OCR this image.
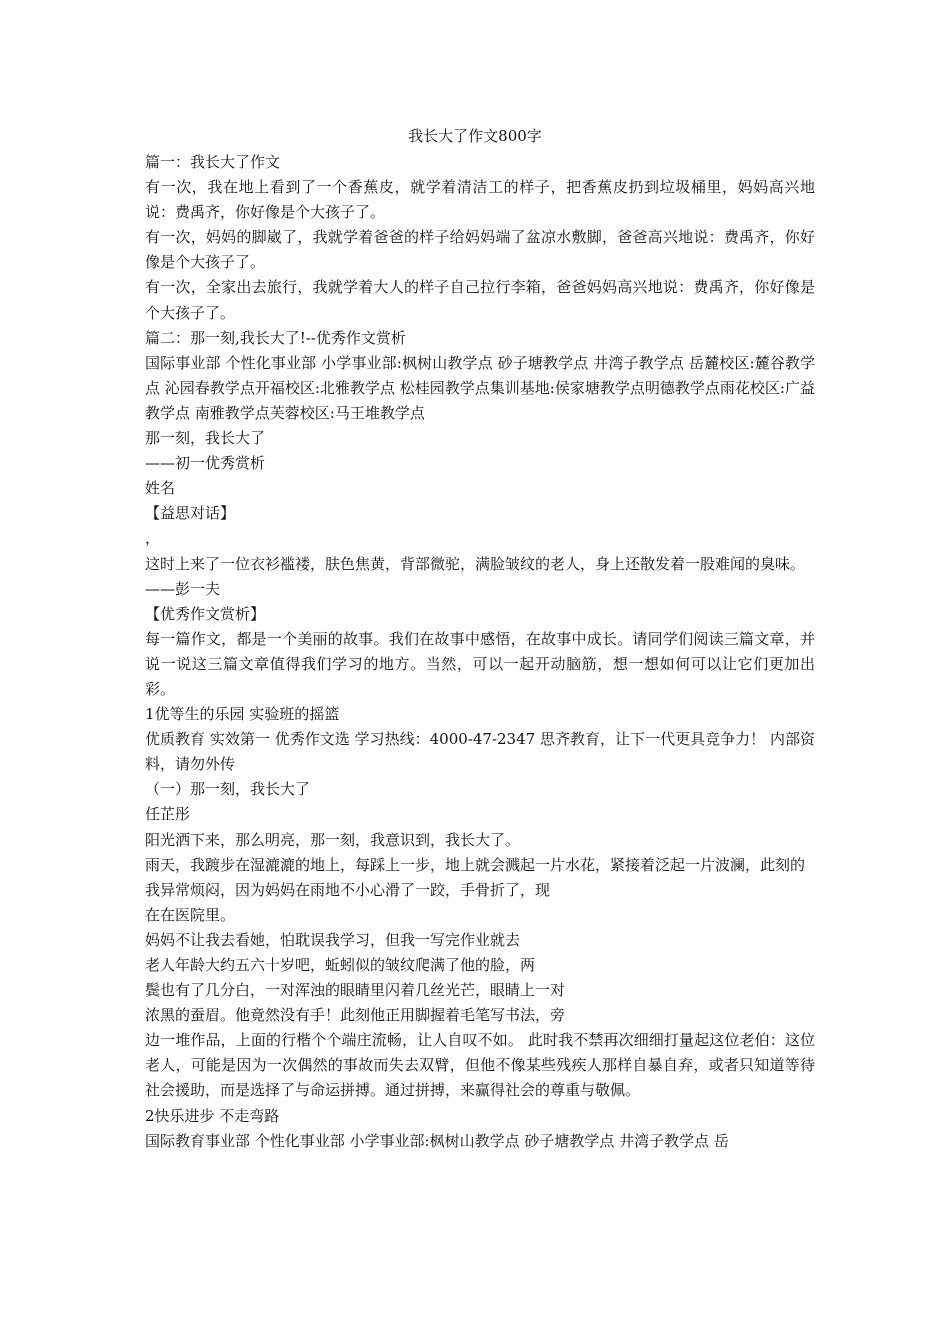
我长大了作文800字

篇一：我长大了作文

有一次，我在地上看到了一个香蕉皮，就学着清洁工的样子，把香蕉皮扔到垃圾桶里，妈妈高兴地说：费禹齐，你好像是个大孩子了。

有一次，妈妈的脚崴了，我就学着爸爸的样子给妈妈端了盆凉水敷脚，爸爸高兴地说：费禹齐，你好像是个大孩子了。

有一次，全家出去旅行，我就学着大人的样子自己拉行李箱，爸爸妈妈高兴地说：费禹齐，你好像是个大孩子了。

篇二：那一刻,我长大了!--优秀作文赏析

国际事业部 个性化事业部 小学事业部:枫树山教学点 砂子塘教学点 井湾子教学点 岳麓校区:麓谷教学点 沁园春教学点开福校区:北雅教学点 松桂园教学点集训基地:侯家塘教学点明德教学点雨花校区:广益教学点 南雅教学点芙蓉校区:马王堆教学点

那一刻，我长大了

——初一优秀赏析

姓名

【益思对话】

，

这时上来了一位衣衫褴褛，肤色焦黄，背部微驼，满脸皱纹的老人，身上还散发着一股难闻的臭味。

——彭一夫

【优秀作文赏析】

每一篇作文，都是一个美丽的故事。我们在故事中感悟，在故事中成长。请同学们阅读三篇文章，并说一说这三篇文章值得我们学习的地方。当然，可以一起开动脑筋，想一想如何可以让它们更加出彩。

1优等生的乐园 实验班的摇篮

优质教育 实效第一 优秀作文选 学习热线：4000-47-2347 思齐教育，让下一代更具竞争力！ 内部资料，请勿外传

（一）那一刻，我长大了

任芷彤

阳光洒下来，那么明亮，那一刻，我意识到，我长大了。

雨天，我踱步在湿漉漉的地上，每踩上一步，地上就会溅起一片水花，紧接着泛起一片波澜，此刻的

我异常烦闷，因为妈妈在雨地不小心滑了一跤，手骨折了，现

在在医院里。

妈妈不让我去看她，怕耽误我学习，但我一写完作业就去

老人年龄大约五六十岁吧，蚯蚓似的皱纹爬满了他的脸，两

鬓也有了几分白，一对浑浊的眼睛里闪着几丝光芒，眼睛上一对

浓黑的蚕眉。他竟然没有手！此刻他正用脚握着毛笔写书法，旁

边一堆作品，上面的行楷个个端庄流畅，让人自叹不如。 此时我不禁再次细细打量起这位老伯：这位老人，可能是因为一次偶然的事故而失去双臂，但他不像某些残疾人那样自暴自弃，或者只知道等待社会援助，而是选择了与命运拼搏。通过拼搏，来赢得社会的尊重与敬佩。

2快乐进步 不走弯路

国际教育事业部 个性化事业部 小学事业部:枫树山教学点 砂子塘教学点 井湾子教学点 岳
